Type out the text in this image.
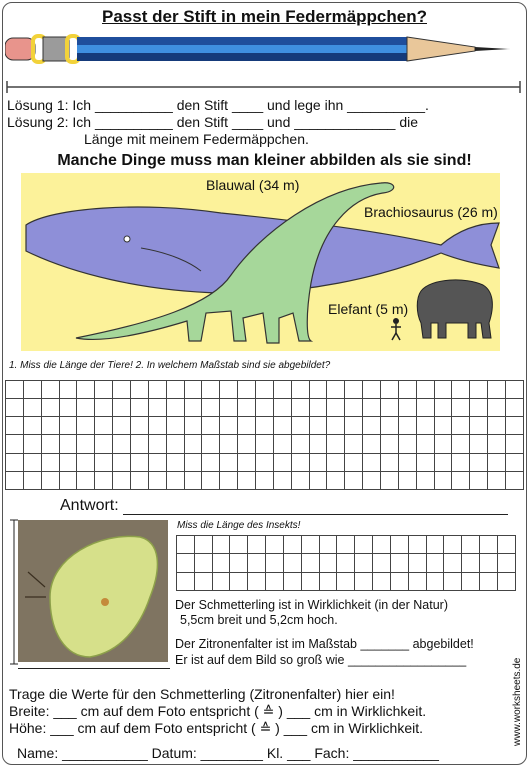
Passt der Stift in mein Federmäppchen?
Lösung 1: Ich __________ den Stift ____ und lege ihn __________.
Lösung 2: Ich __________ den Stift ____ und _____________ die
Länge mit meinem Federmäppchen.
Manche Dinge muss man kleiner abbilden als sie sind!
Blauwal (34 m)
Brachiosaurus (26 m)
Elefant (5 m)
1. Miss die Länge der Tiere! 2. In welchem Maßstab sind sie abgebildet?

Antwort:
Miss die Länge des Insekts!

Der Schmetterling ist in Wirklichkeit (in der Natur)
5,5cm breit und 5,2cm hoch.
Der Zitronenfalter ist im Maßstab _______ abgebildet!
Er ist auf dem Bild so groß wie _________________
Trage die Werte für den Schmetterling (Zitronenfalter) hier ein!
Breite: ___ cm auf dem Foto entspricht ( ≙ ) ___ cm in Wirklichkeit.
Höhe: ___ cm auf dem Foto entspricht ( ≙ ) ___ cm in Wirklichkeit.
Name: ___________ Datum: ________ Kl. ___ Fach: ___________
www.worksheets.de
